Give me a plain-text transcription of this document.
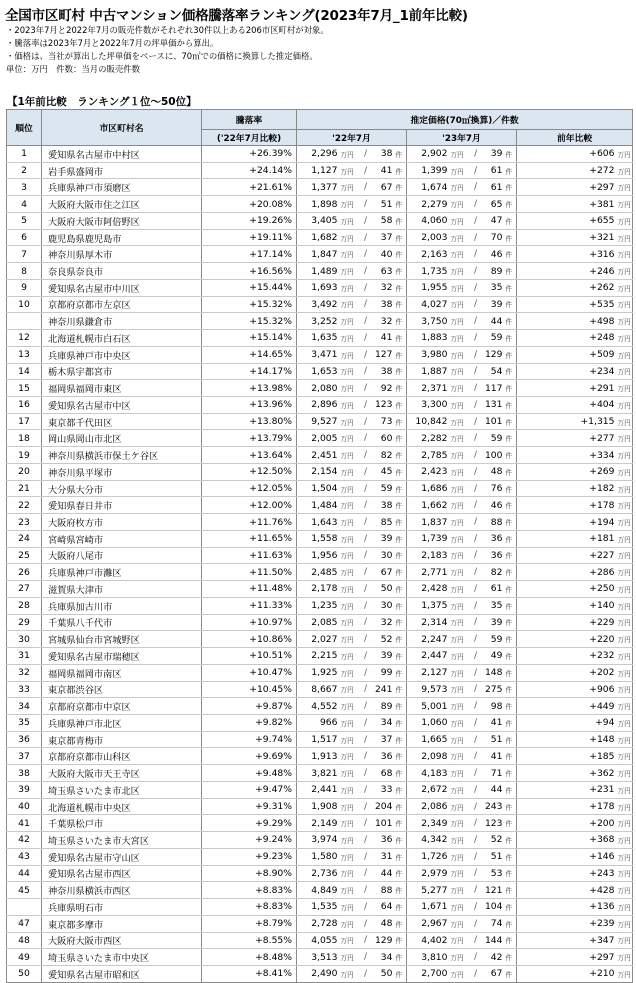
全国市区町村 中古マンション価格騰落率ランキング(2023年7月_1前年比較)
・2023年7月と2022年7月の販売件数がそれぞれ30件以上ある206市区町村が対象。
・騰落率は2023年7月と2022年7月の坪単価から算出。
・価格は、当社が算出した坪単価をベースに、70㎡での価格に換算した推定価格。
単位：万円　件数：当月の販売件数
【1年前比較　ランキング１位〜50位】
順位	市区町村名	騰落率	推定価格(70㎡換算)／件数											
		('22年7月比較)	'22年7月					'23年7月					前年比較	
1	愛知県名古屋市中村区	+26.39%	2,296	万円	/	38	件	2,902	万円	/	39	件	+606	万円
2	岩手県盛岡市	+24.14%	1,127	万円	/	41	件	1,399	万円	/	61	件	+272	万円
3	兵庫県神戸市須磨区	+21.61%	1,377	万円	/	67	件	1,674	万円	/	61	件	+297	万円
4	大阪府大阪市住之江区	+20.08%	1,898	万円	/	51	件	2,279	万円	/	65	件	+381	万円
5	大阪府大阪市阿倍野区	+19.26%	3,405	万円	/	58	件	4,060	万円	/	47	件	+655	万円
6	鹿児島県鹿児島市	+19.11%	1,682	万円	/	37	件	2,003	万円	/	70	件	+321	万円
7	神奈川県厚木市	+17.14%	1,847	万円	/	40	件	2,163	万円	/	46	件	+316	万円
8	奈良県奈良市	+16.56%	1,489	万円	/	63	件	1,735	万円	/	89	件	+246	万円
9	愛知県名古屋市中川区	+15.44%	1,693	万円	/	32	件	1,955	万円	/	35	件	+262	万円
10	京都府京都市左京区	+15.32%	3,492	万円	/	38	件	4,027	万円	/	39	件	+535	万円
	神奈川県鎌倉市	+15.32%	3,252	万円	/	32	件	3,750	万円	/	44	件	+498	万円
12	北海道札幌市白石区	+15.14%	1,635	万円	/	41	件	1,883	万円	/	59	件	+248	万円
13	兵庫県神戸市中央区	+14.65%	3,471	万円	/	127	件	3,980	万円	/	129	件	+509	万円
14	栃木県宇都宮市	+14.17%	1,653	万円	/	38	件	1,887	万円	/	54	件	+234	万円
15	福岡県福岡市東区	+13.98%	2,080	万円	/	92	件	2,371	万円	/	117	件	+291	万円
16	愛知県名古屋市中区	+13.96%	2,896	万円	/	123	件	3,300	万円	/	131	件	+404	万円
17	東京都千代田区	+13.80%	9,527	万円	/	73	件	10,842	万円	/	101	件	+1,315	万円
18	岡山県岡山市北区	+13.79%	2,005	万円	/	60	件	2,282	万円	/	59	件	+277	万円
19	神奈川県横浜市保土ケ谷区	+13.64%	2,451	万円	/	82	件	2,785	万円	/	100	件	+334	万円
20	神奈川県平塚市	+12.50%	2,154	万円	/	45	件	2,423	万円	/	48	件	+269	万円
21	大分県大分市	+12.05%	1,504	万円	/	59	件	1,686	万円	/	76	件	+182	万円
22	愛知県春日井市	+12.00%	1,484	万円	/	38	件	1,662	万円	/	46	件	+178	万円
23	大阪府枚方市	+11.76%	1,643	万円	/	85	件	1,837	万円	/	88	件	+194	万円
24	宮崎県宮崎市	+11.65%	1,558	万円	/	39	件	1,739	万円	/	36	件	+181	万円
25	大阪府八尾市	+11.63%	1,956	万円	/	30	件	2,183	万円	/	36	件	+227	万円
26	兵庫県神戸市灘区	+11.50%	2,485	万円	/	67	件	2,771	万円	/	82	件	+286	万円
27	滋賀県大津市	+11.48%	2,178	万円	/	50	件	2,428	万円	/	61	件	+250	万円
28	兵庫県加古川市	+11.33%	1,235	万円	/	30	件	1,375	万円	/	35	件	+140	万円
29	千葉県八千代市	+10.97%	2,085	万円	/	32	件	2,314	万円	/	39	件	+229	万円
30	宮城県仙台市宮城野区	+10.86%	2,027	万円	/	52	件	2,247	万円	/	59	件	+220	万円
31	愛知県名古屋市瑞穂区	+10.51%	2,215	万円	/	39	件	2,447	万円	/	49	件	+232	万円
32	福岡県福岡市南区	+10.47%	1,925	万円	/	99	件	2,127	万円	/	148	件	+202	万円
33	東京都渋谷区	+10.45%	8,667	万円	/	241	件	9,573	万円	/	275	件	+906	万円
34	京都府京都市中京区	+9.87%	4,552	万円	/	89	件	5,001	万円	/	98	件	+449	万円
35	兵庫県神戸市北区	+9.82%	966	万円	/	34	件	1,060	万円	/	41	件	+94	万円
36	東京都青梅市	+9.74%	1,517	万円	/	37	件	1,665	万円	/	51	件	+148	万円
37	京都府京都市山科区	+9.69%	1,913	万円	/	36	件	2,098	万円	/	41	件	+185	万円
38	大阪府大阪市天王寺区	+9.48%	3,821	万円	/	68	件	4,183	万円	/	71	件	+362	万円
39	埼玉県さいたま市北区	+9.47%	2,441	万円	/	33	件	2,672	万円	/	44	件	+231	万円
40	北海道札幌市中央区	+9.31%	1,908	万円	/	204	件	2,086	万円	/	243	件	+178	万円
41	千葉県松戸市	+9.29%	2,149	万円	/	101	件	2,349	万円	/	123	件	+200	万円
42	埼玉県さいたま市大宮区	+9.24%	3,974	万円	/	36	件	4,342	万円	/	52	件	+368	万円
43	愛知県名古屋市守山区	+9.23%	1,580	万円	/	31	件	1,726	万円	/	51	件	+146	万円
44	愛知県名古屋市西区	+8.90%	2,736	万円	/	44	件	2,979	万円	/	53	件	+243	万円
45	神奈川県横浜市西区	+8.83%	4,849	万円	/	88	件	5,277	万円	/	121	件	+428	万円
	兵庫県明石市	+8.83%	1,535	万円	/	64	件	1,671	万円	/	104	件	+136	万円
47	東京都多摩市	+8.79%	2,728	万円	/	48	件	2,967	万円	/	74	件	+239	万円
48	大阪府大阪市西区	+8.55%	4,055	万円	/	129	件	4,402	万円	/	144	件	+347	万円
49	埼玉県さいたま市中央区	+8.48%	3,513	万円	/	34	件	3,810	万円	/	42	件	+297	万円
50	愛知県名古屋市昭和区	+8.41%	2,490	万円	/	50	件	2,700	万円	/	67	件	+210	万円
